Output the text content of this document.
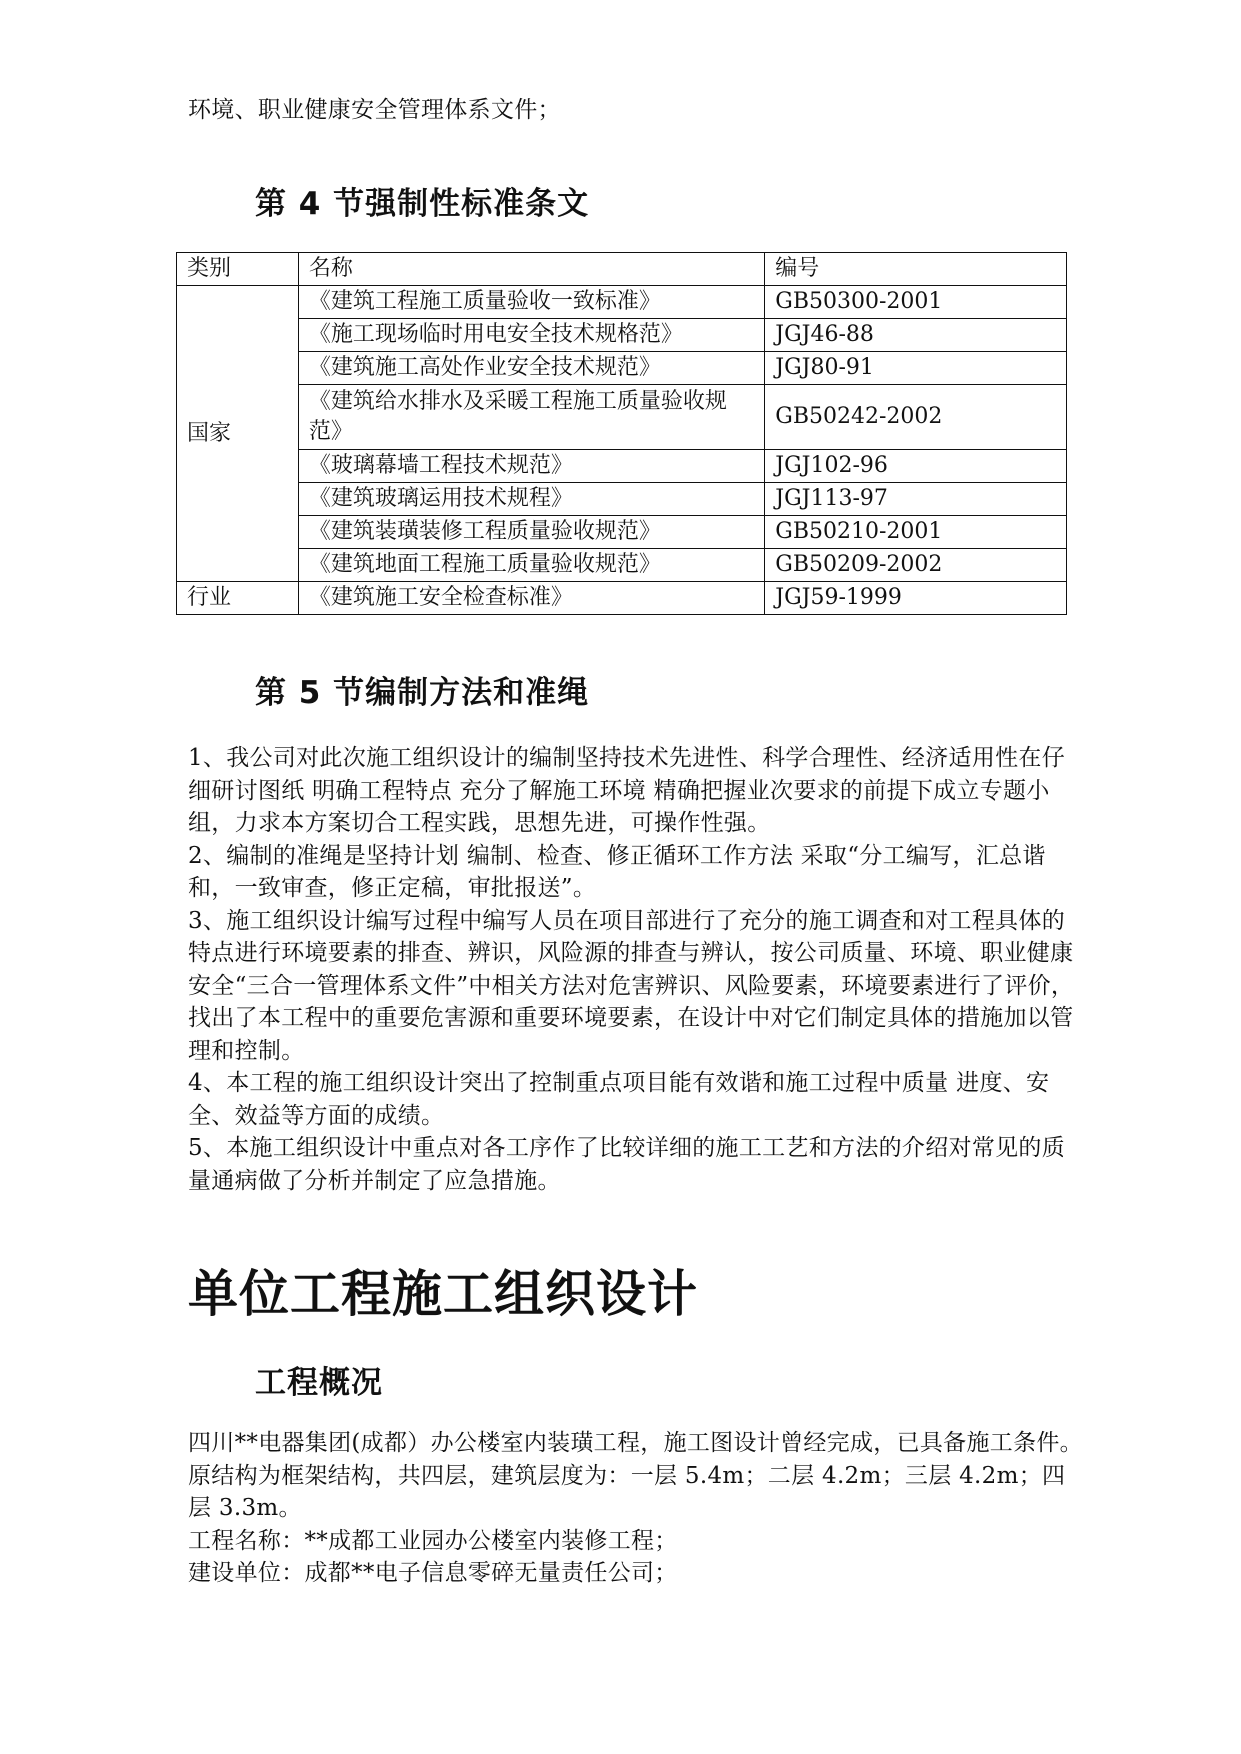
环境、职业健康安全管理体系文件；
第 4 节强制性标准条文
类别	名称	编号
国家	《建筑工程施工质量验收一致标准》	GB50300-2001
	《施工现场临时用电安全技术规格范》	JGJ46-88
	《建筑施工高处作业安全技术规范》	JGJ80-91
	《建筑给水排水及采暖工程施工质量验收规范》	GB50242-2002
	《玻璃幕墙工程技术规范》	JGJ102-96
	《建筑玻璃运用技术规程》	JGJ113-97
	《建筑装璜装修工程质量验收规范》	GB50210-2001
	《建筑地面工程施工质量验收规范》	GB50209-2002
行业	《建筑施工安全检查标准》	JGJ59-1999
第 5 节编制方法和准绳

1、我公司对此次施工组织设计的编制坚持技术先进性、科学合理性、经济适用性在仔细研讨图纸 明确工程特点 充分了解施工环境 精确把握业次要求的前提下成立专题小组，力求本方案切合工程实践，思想先进，可操作性强。

2、编制的准绳是坚持计划 编制、检查、修正循环工作方法 采取“分工编写，汇总谐和，一致审查，修正定稿，审批报送”。

3、施工组织设计编写过程中编写人员在项目部进行了充分的施工调查和对工程具体的特点进行环境要素的排查、辨识，风险源的排查与辨认，按公司质量、环境、职业健康安全“三合一管理体系文件”中相关方法对危害辨识、风险要素，环境要素进行了评价，找出了本工程中的重要危害源和重要环境要素，在设计中对它们制定具体的措施加以管理和控制。

4、本工程的施工组织设计突出了控制重点项目能有效谐和施工过程中质量 进度、安全、效益等方面的成绩。

5、本施工组织设计中重点对各工序作了比较详细的施工工艺和方法的介绍对常见的质量通病做了分析并制定了应急措施。

单位工程施工组织设计
工程概况

四川**电器集团(成都）办公楼室内装璜工程，施工图设计曾经完成，已具备施工条件。原结构为框架结构，共四层，建筑层度为：一层 5.4m；二层 4.2m；三层 4.2m；四层 3.3m。

工程名称：**成都工业园办公楼室内装修工程；

建设单位：成都**电子信息零碎无量责任公司；
